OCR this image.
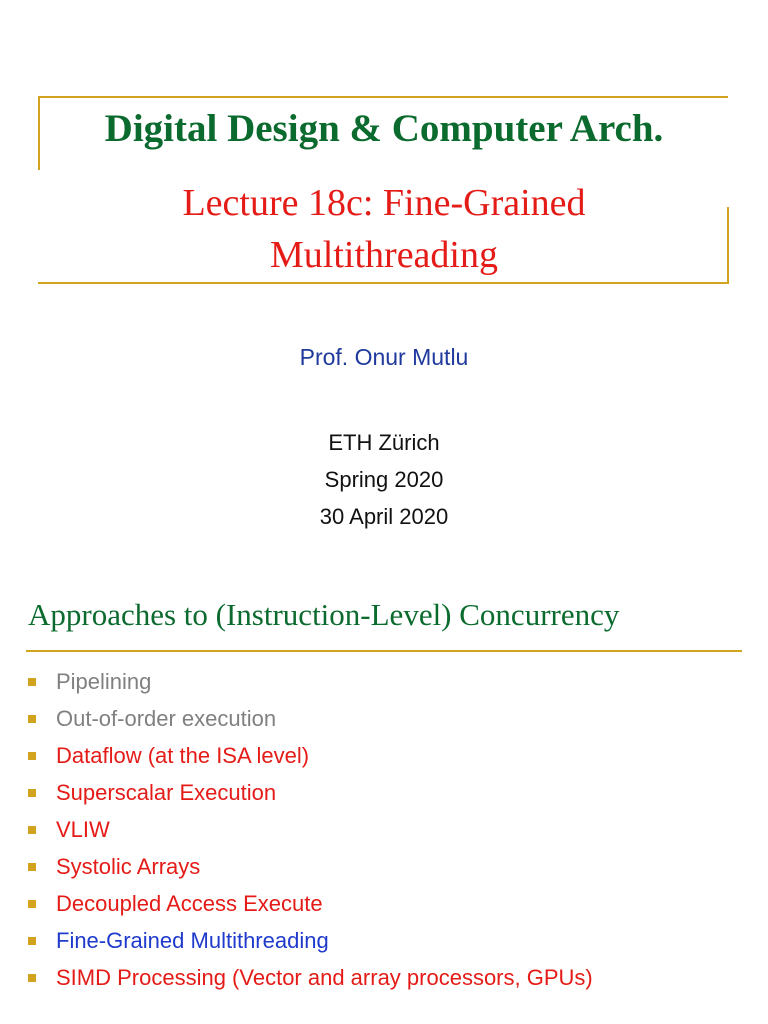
Digital Design & Computer Arch.
Lecture 18c: Fine-Grained
Multithreading
Prof. Onur Mutlu
ETH Zürich
Spring 2020
30 April 2020
Approaches to (Instruction-Level) Concurrency
Pipelining
Out-of-order execution
Dataflow (at the ISA level)
Superscalar Execution
VLIW
Systolic Arrays
Decoupled Access Execute
Fine-Grained Multithreading
SIMD Processing (Vector and array processors, GPUs)
